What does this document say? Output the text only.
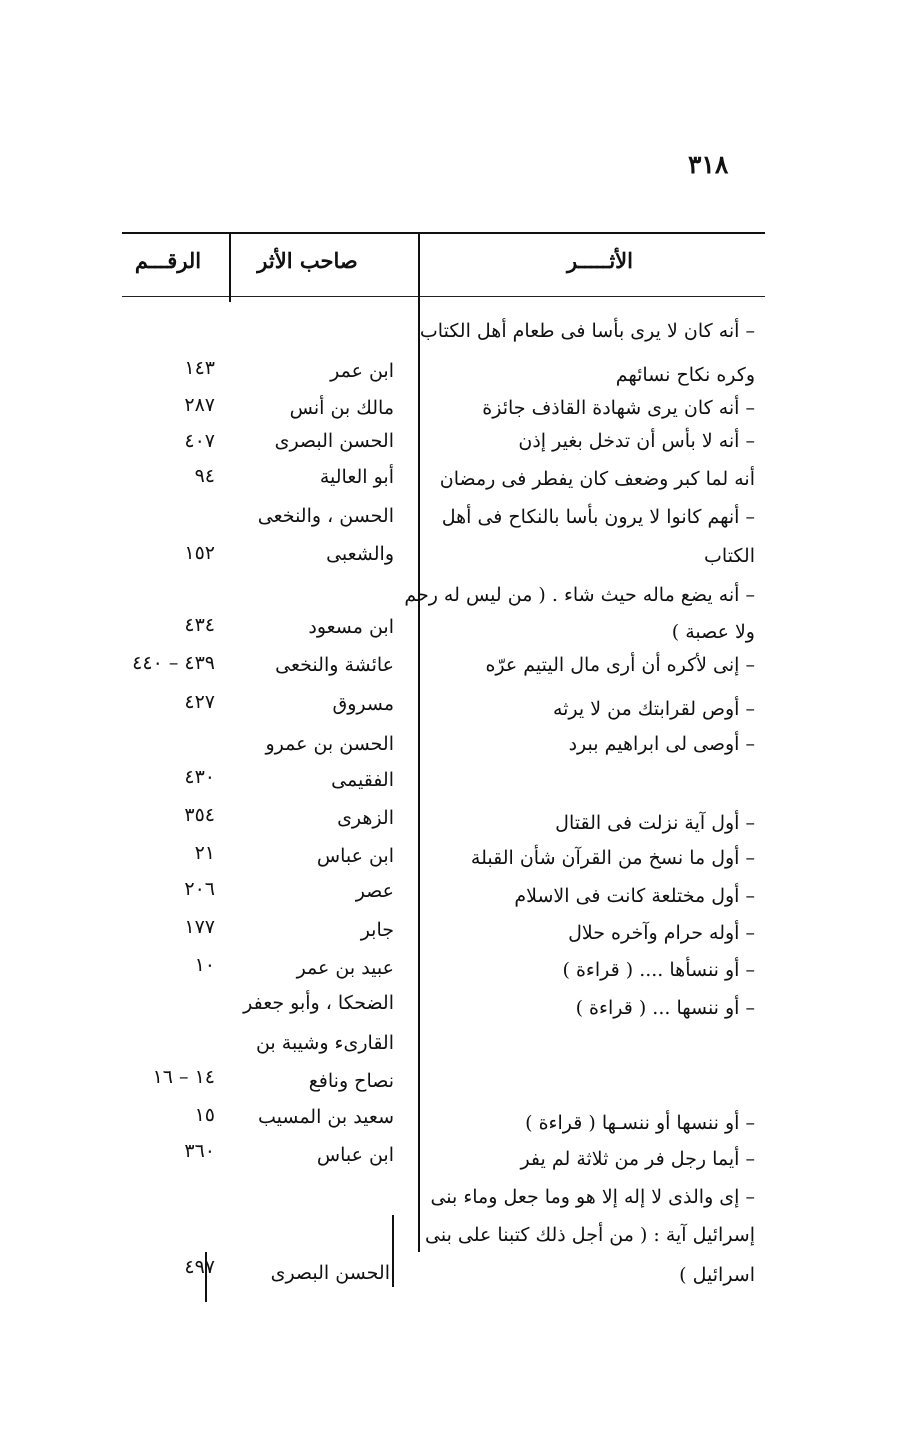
٣١٨
الأثـــــر
صاحب الأثر
الرقـــم
– أنه كان لا يرى بأسا فى طعام أهل الكتاب
وكره نكاح نسائهم
– أنه كان يرى شهادة القاذف جائزة
– أنه لا بأس أن تدخل بغير إذن
أنه لما كبر وضعف كان يفطر فى رمضان
– أنهم كانوا لا يرون بأسا بالنكاح فى أهل
الكتاب
– أنه يضع ماله حيث شاء . ( من ليس له رحم
ولا عصبة )
– إنى لأكره أن أرى مال اليتيم عرّه
– أوص لقرابتك من لا يرثه
– أوصى لى ابراهيم ببرد
– أول آية نزلت فى القتال
– أول ما نسخ من القرآن شأن القبلة
– أول مختلعة كانت فى الاسلام
– أوله حرام وآخره حلال
– أو ننسأها .... ( قراءة )
– أو ننسها ... ( قراءة )
– أو ننسها أو ننسـها ( قراءة )
– أيما رجل فر من ثلاثة لم يفر
– إى والذى لا إله إلا هو وما جعل وماء بنى
إسرائيل آية : ( من أجل ذلك كتبنا على بنى
اسرائيل )
ابن عمر
مالك بن أنس
الحسن البصرى
أبو العالية
الحسن ، والنخعى
والشعبى
ابن مسعود
عائشة والنخعى
مسروق
الحسن بن عمرو
الفقيمى
الزهرى
ابن عباس
عصر
جابر
عبيد بن عمر
الضحكا ، وأبو جعفر
القارىء وشيبة بن
نصاح ونافع
سعيد بن المسيب
ابن عباس
الحسن البصرى
١٤٣
٢٨٧
٤٠٧
٩٤
١٥٢
٤٣٤
٤٣٩ – ٤٤٠
٤٢٧
٤٣٠
٣٥٤
٢١
٢٠٦
١٧٧
١٠
١٤ – ١٦
١٥
٣٦٠
٤٩٧
